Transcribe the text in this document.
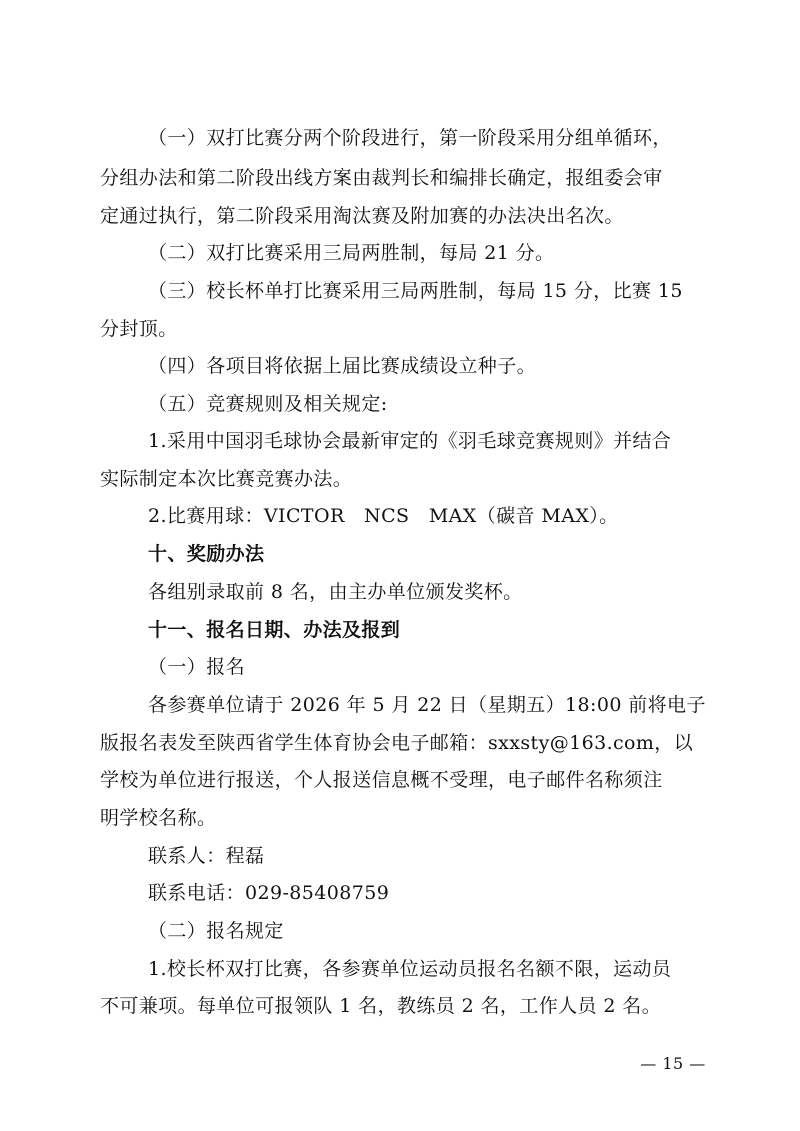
（一）双打比赛分两个阶段进行，第一阶段采用分组单循环，
分组办法和第二阶段出线方案由裁判长和编排长确定，报组委会审
定通过执行，第二阶段采用淘汰赛及附加赛的办法决出名次。
（二）双打比赛采用三局两胜制，每局 21 分。
（三）校长杯单打比赛采用三局两胜制，每局 15 分，比赛 15
分封顶。
（四）各项目将依据上届比赛成绩设立种子。
（五）竞赛规则及相关规定:
1.采用中国羽毛球协会最新审定的《羽毛球竞赛规则》并结合
实际制定本次比赛竞赛办法。
2.比赛用球：VICTOR　NCS　MAX（碳音 MAX）。
十、奖励办法
各组别录取前 8 名，由主办单位颁发奖杯。
十一、报名日期、办法及报到
（一）报名
各参赛单位请于 2026 年 5 月 22 日（星期五）18:00 前将电子
版报名表发至陕西省学生体育协会电子邮箱：sxxsty@163.com，以
学校为单位进行报送，个人报送信息概不受理，电子邮件名称须注
明学校名称。
联系人：程磊
联系电话：029-85408759
（二）报名规定
1.校长杯双打比赛，各参赛单位运动员报名名额不限，运动员
不可兼项。每单位可报领队 1 名，教练员 2 名，工作人员 2 名。
— 15 —
